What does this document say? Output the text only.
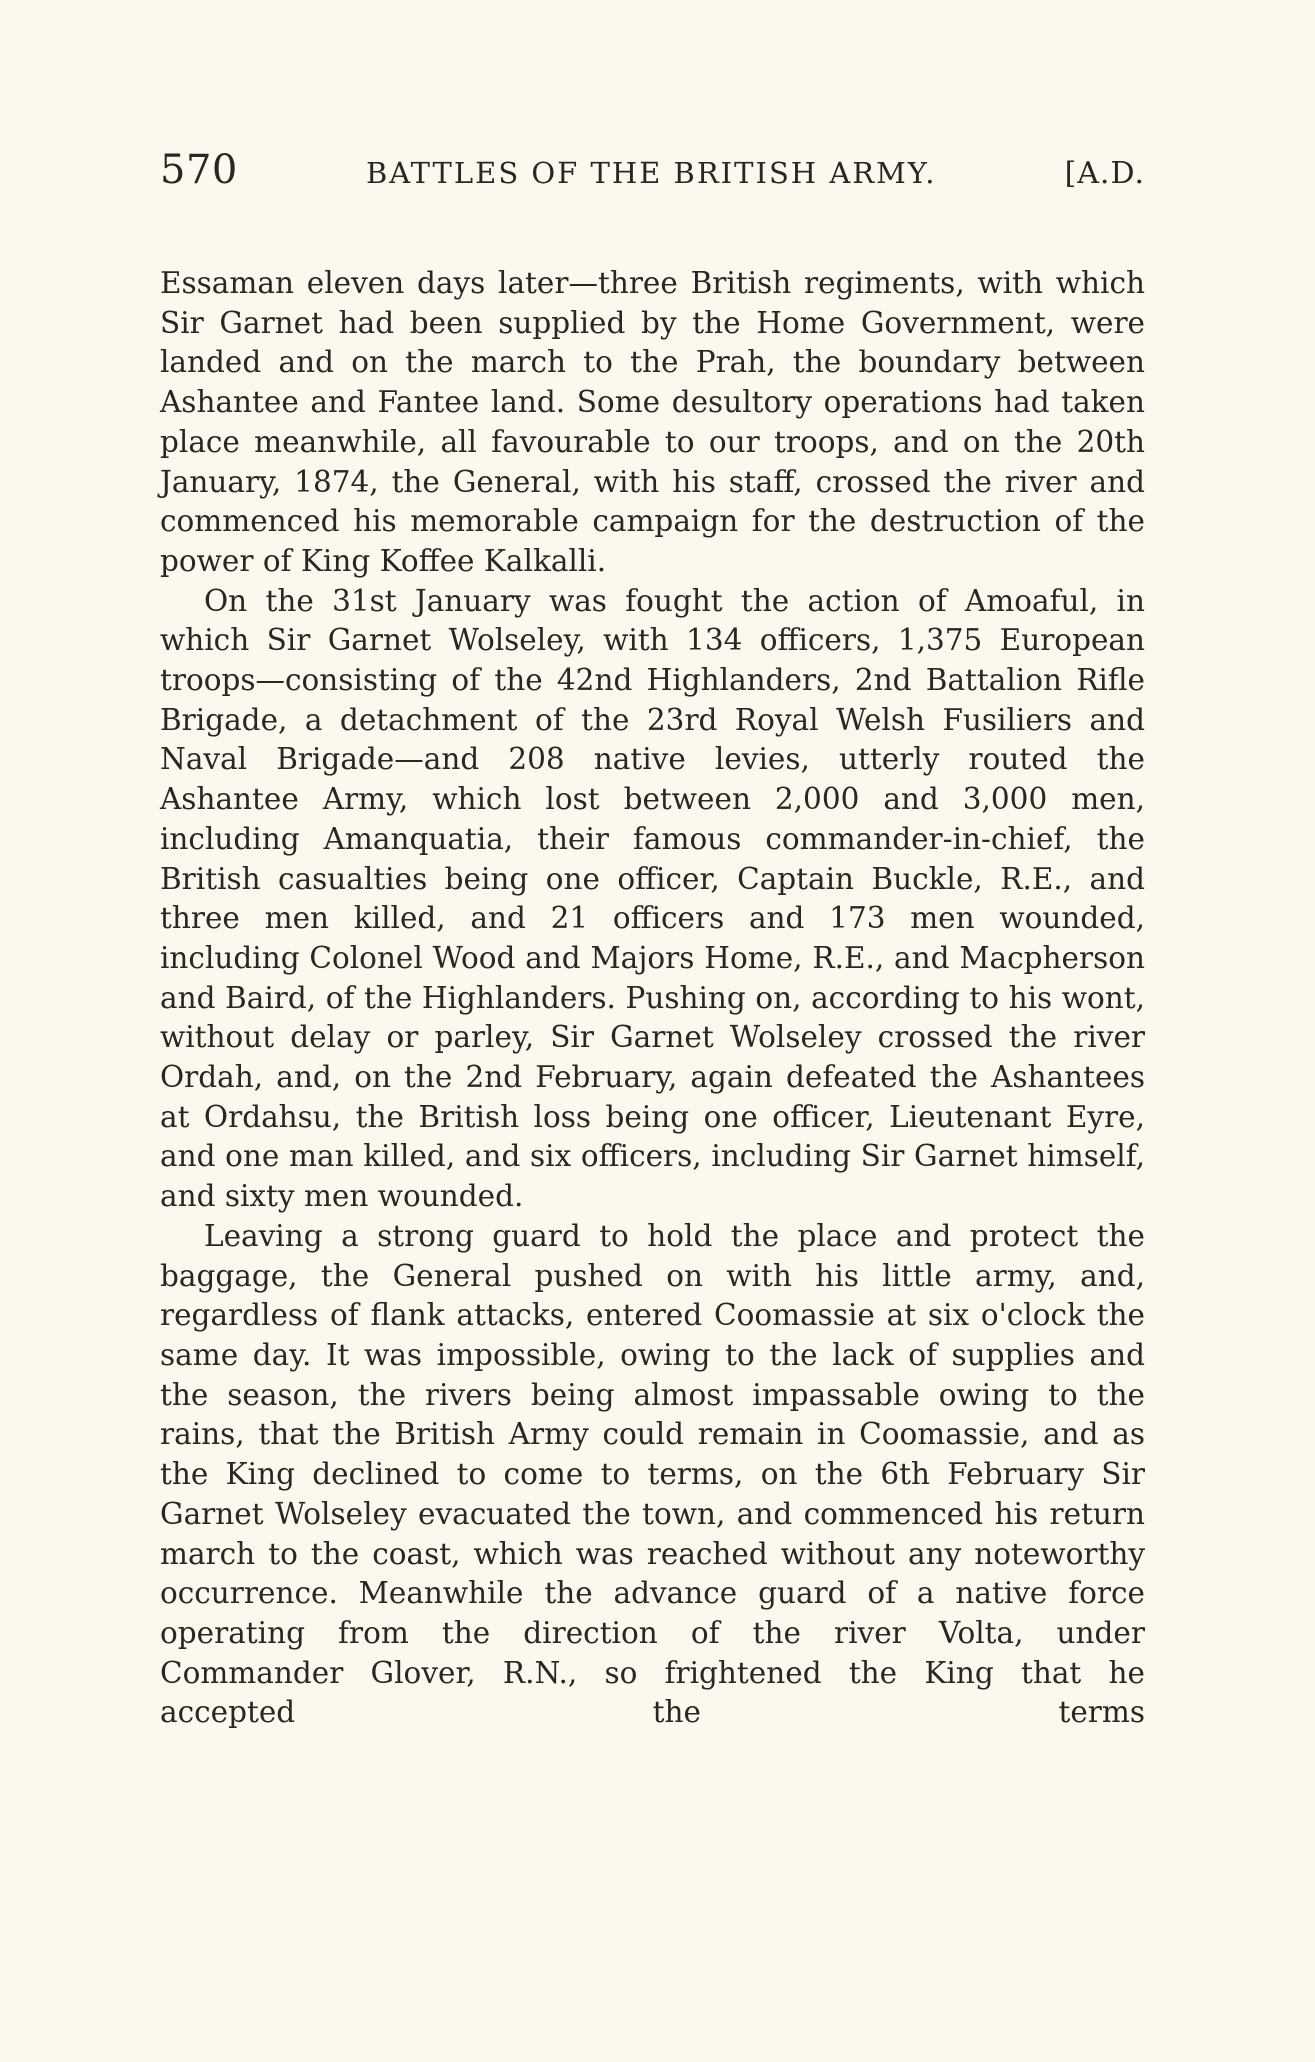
570	BATTLES OF THE BRITISH ARMY.	[A.D.

Essaman eleven days later—three British regiments, with which Sir Garnet had been supplied by the Home Government, were landed and on the march to the Prah, the boundary between Ashantee and Fantee land. Some desultory operations had taken place meanwhile, all favourable to our troops, and on the 20th January, 1874, the General, with his staff, crossed the river and commenced his memorable campaign for the destruction of the power of King Koffee Kalkalli.

On the 31st January was fought the action of Amoaful, in which Sir Garnet Wolseley, with 134 officers, 1,375 European troops—consisting of the 42nd Highlanders, 2nd Battalion Rifle Brigade, a detachment of the 23rd Royal Welsh Fusiliers and Naval Brigade—and 208 native levies, utterly routed the Ashantee Army, which lost between 2,000 and 3,000 men, including Amanquatia, their famous commander-in-chief, the British casualties being one officer, Captain Buckle, R.E., and three men killed, and 21 officers and 173 men wounded, including Colonel Wood and Majors Home, R.E., and Macpherson and Baird, of the Highlanders. Pushing on, according to his wont, without delay or parley, Sir Garnet Wolseley crossed the river Ordah, and, on the 2nd February, again defeated the Ashantees at Ordahsu, the British loss being one officer, Lieutenant Eyre, and one man killed, and six officers, including Sir Garnet himself, and sixty men wounded.

Leaving a strong guard to hold the place and protect the baggage, the General pushed on with his little army, and, regardless of flank attacks, entered Coomassie at six o'clock the same day. It was impossible, owing to the lack of supplies and the season, the rivers being almost impassable owing to the rains, that the British Army could remain in Coomassie, and as the King declined to come to terms, on the 6th February Sir Garnet Wolseley evacuated the town, and commenced his return march to the coast, which was reached without any noteworthy occurrence. Meanwhile the advance guard of a native force operating from the direction of the river Volta, under Commander Glover, R.N., so frightened the King that he accepted the terms
